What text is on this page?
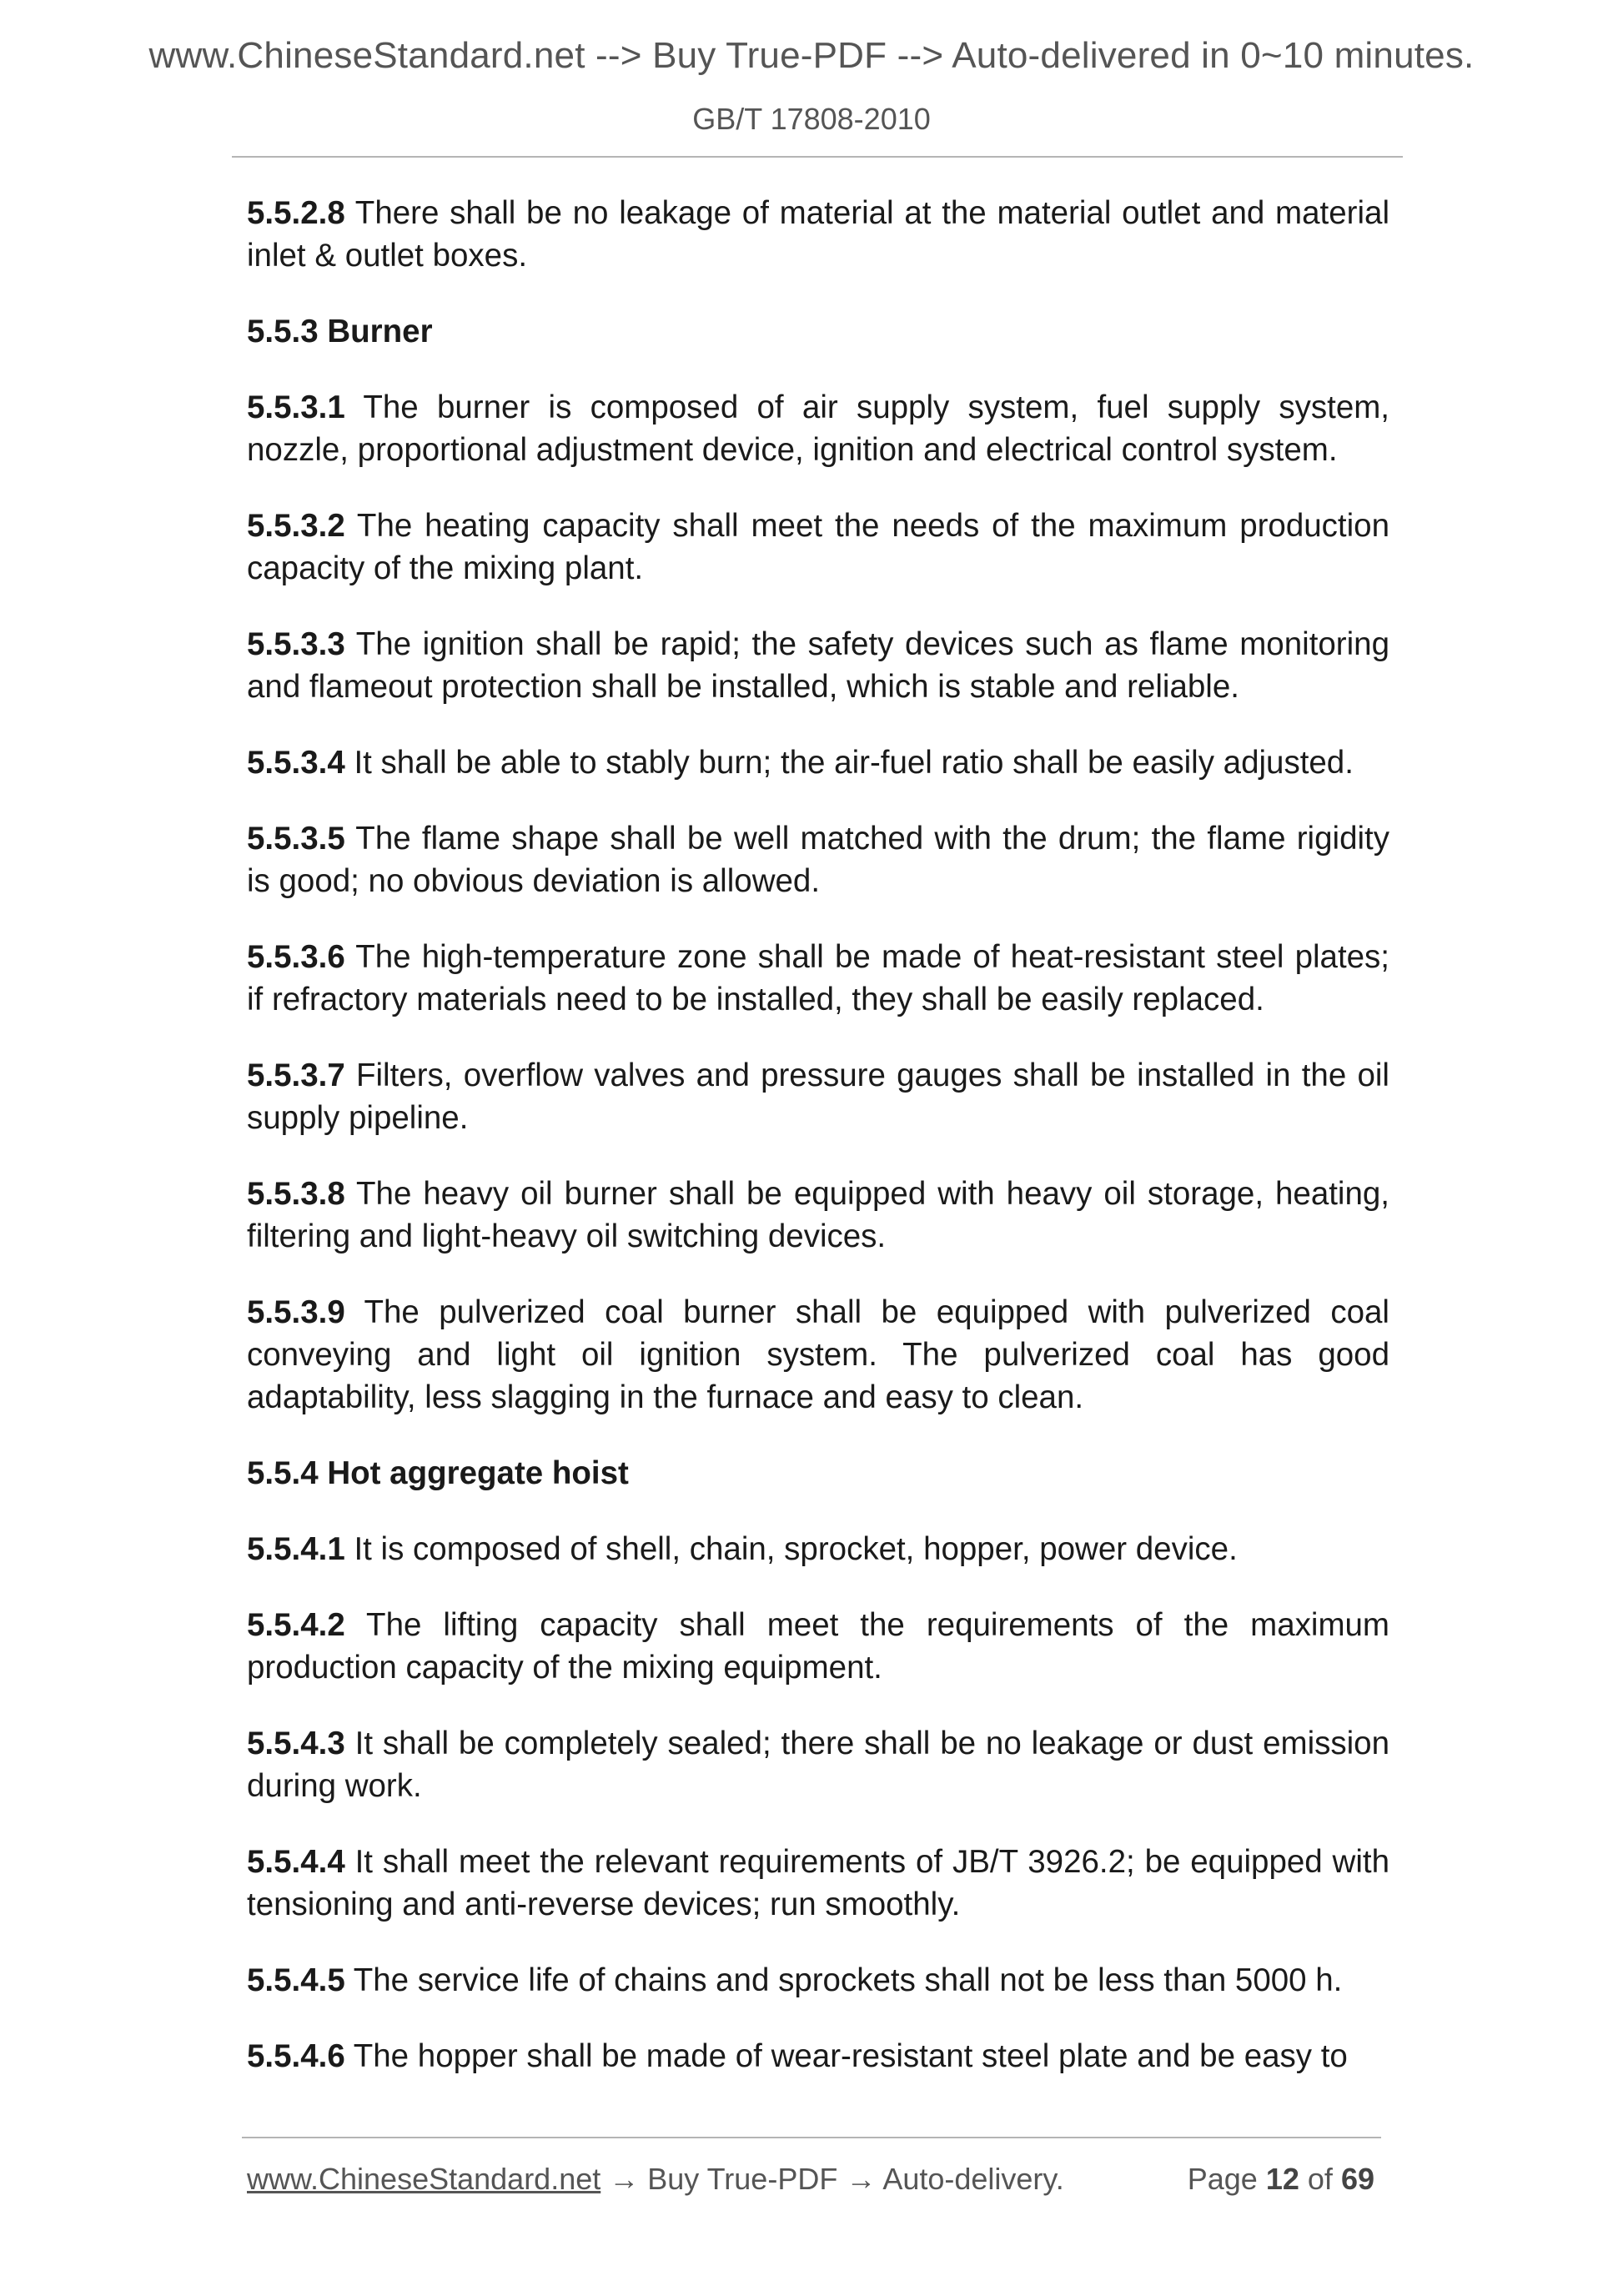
www.ChineseStandard.net --> Buy True-PDF --> Auto-delivered in 0~10 minutes.
GB/T 17808-2010

5.5.2.8 There shall be no leakage of material at the material outlet and material inlet & outlet boxes.

5.5.3 Burner

5.5.3.1 The burner is composed of air supply system, fuel supply system, nozzle, proportional adjustment device, ignition and electrical control system.

5.5.3.2 The heating capacity shall meet the needs of the maximum production capacity of the mixing plant.

5.5.3.3 The ignition shall be rapid; the safety devices such as flame monitoring and flameout protection shall be installed, which is stable and reliable.

5.5.3.4 It shall be able to stably burn; the air-fuel ratio shall be easily adjusted.

5.5.3.5 The flame shape shall be well matched with the drum; the flame rigidity is good; no obvious deviation is allowed.

5.5.3.6 The high-temperature zone shall be made of heat-resistant steel plates; if refractory materials need to be installed, they shall be easily replaced.

5.5.3.7 Filters, overflow valves and pressure gauges shall be installed in the oil supply pipeline.

5.5.3.8 The heavy oil burner shall be equipped with heavy oil storage, heating, filtering and light-heavy oil switching devices.

5.5.3.9 The pulverized coal burner shall be equipped with pulverized coal conveying and light oil ignition system. The pulverized coal has good adaptability, less slagging in the furnace and easy to clean.

5.5.4 Hot aggregate hoist

5.5.4.1 It is composed of shell, chain, sprocket, hopper, power device.

5.5.4.2 The lifting capacity shall meet the requirements of the maximum production capacity of the mixing equipment.

5.5.4.3 It shall be completely sealed; there shall be no leakage or dust emission during work.

5.5.4.4 It shall meet the relevant requirements of JB/T 3926.2; be equipped with tensioning and anti-reverse devices; run smoothly.

5.5.4.5 The service life of chains and sprockets shall not be less than 5000 h.

5.5.4.6 The hopper shall be made of wear-resistant steel plate and be easy to

www.ChineseStandard.net → Buy True-PDF → Auto-delivery.	Page 12 of 69
